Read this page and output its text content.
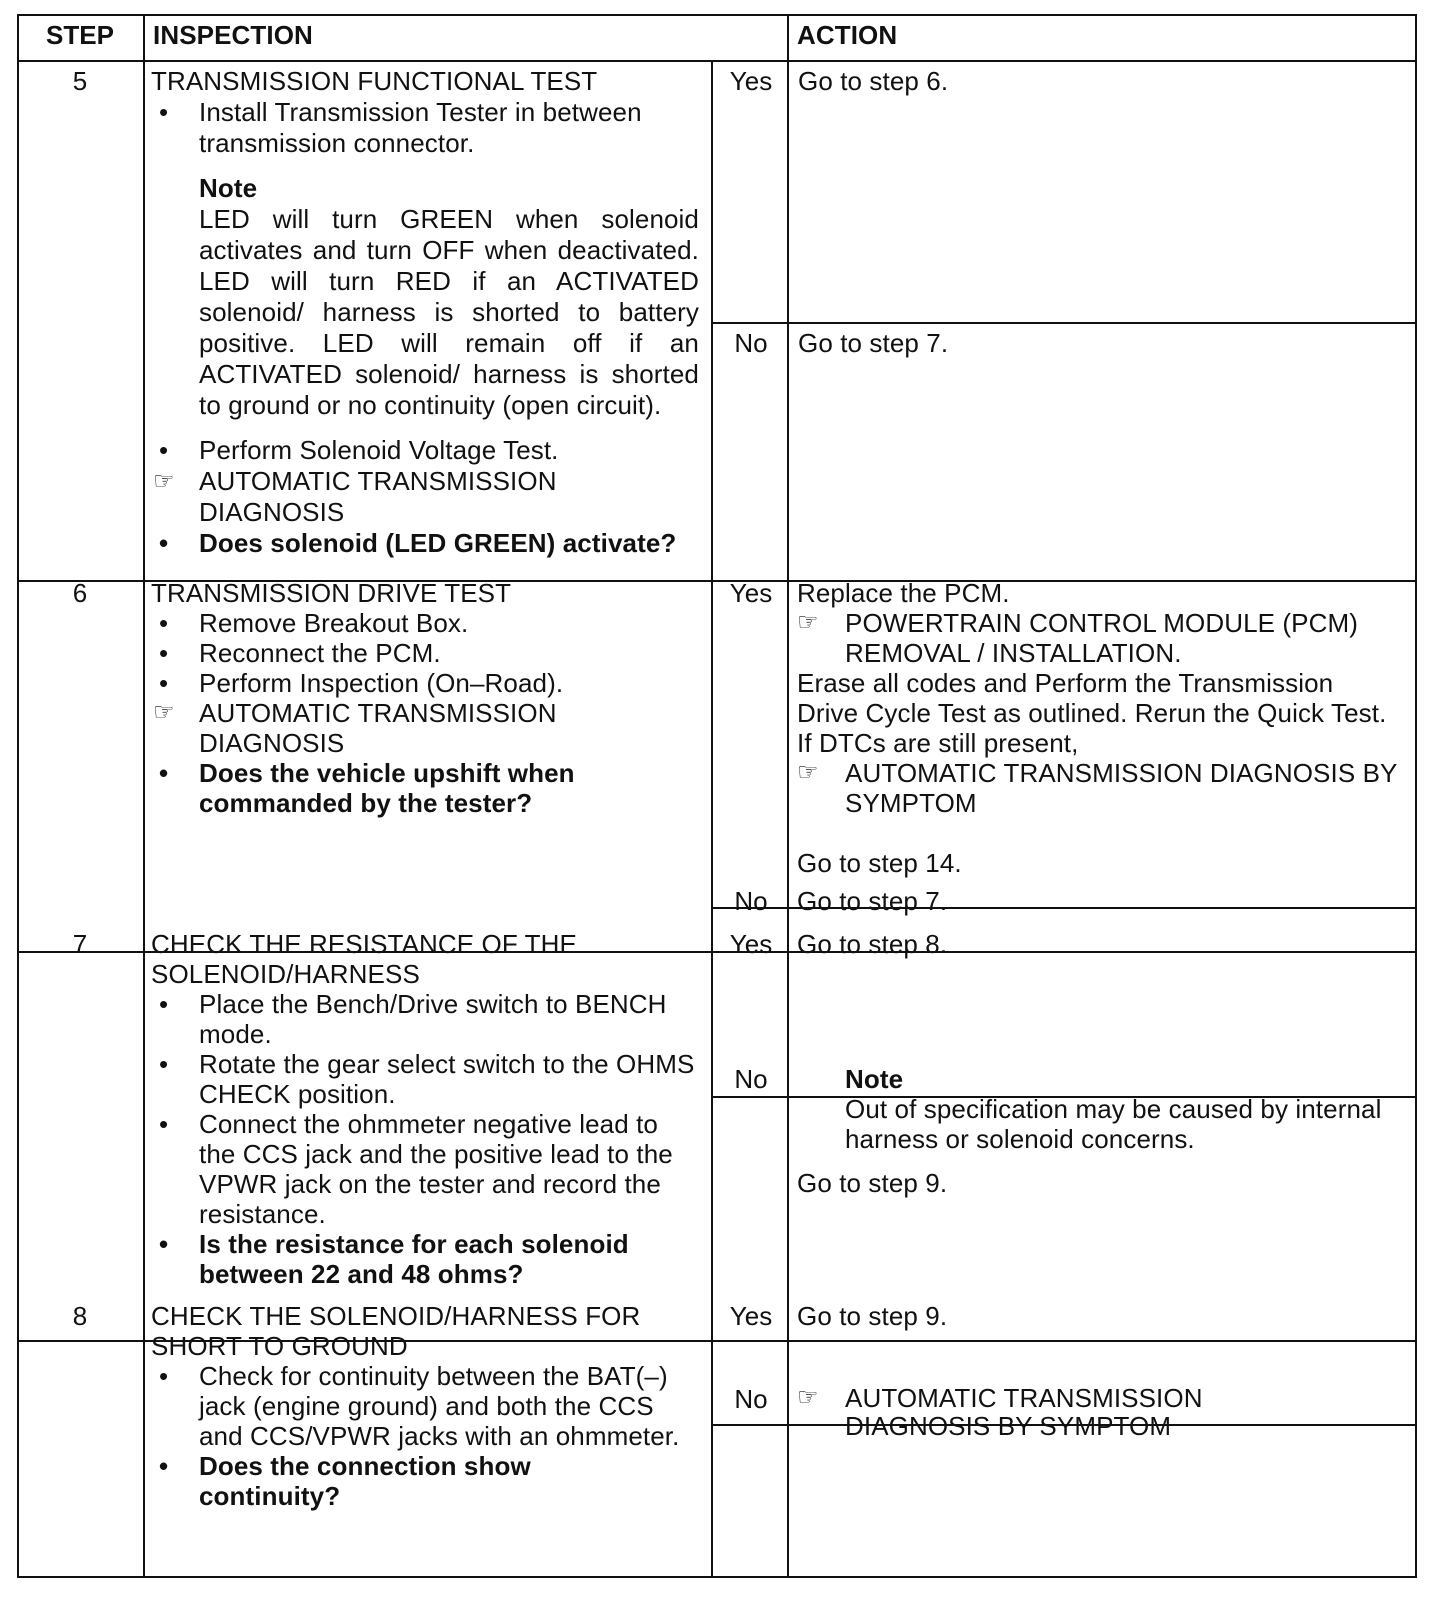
STEP	INSPECTION	ACTION
5	TRANSMISSION FUNCTIONAL TEST
• Install Transmission Tester in between transmission connector.
Note
LED will turn GREEN when solenoid activates and turn OFF when deactivated. LED will turn RED if an ACTIVATED solenoid/ harness is shorted to battery positive. LED will remain off if an ACTIVATED solenoid/ harness is shorted to ground or no continuity (open circuit).
• Perform Solenoid Voltage Test.
☞ AUTOMATIC TRANSMISSION DIAGNOSIS
• Does solenoid (LED GREEN) activate?
Yes Go to step 6.
No	Go to step 7.
6	TRANSMISSION DRIVE TEST
• Remove Breakout Box.
• Reconnect the PCM.
• Perform Inspection (On–Road).
☞ AUTOMATIC TRANSMISSION DIAGNOSIS
• Does the vehicle upshift when commanded by the tester?
Yes Replace the PCM.
☞ POWERTRAIN CONTROL MODULE (PCM) REMOVAL / INSTALLATION.
Erase all codes and Perform the Transmission Drive Cycle Test as outlined. Rerun the Quick Test. If DTCs are still present,
☞ AUTOMATIC TRANSMISSION DIAGNOSIS BY SYMPTOM
Go to step 14.
No	Go to step 7.
7	CHECK THE RESISTANCE OF THE SOLENOID/HARNESS
• Place the Bench/Drive switch to BENCH mode.
• Rotate the gear select switch to the OHMS CHECK position.
• Connect the ohmmeter negative lead to the CCS jack and the positive lead to the VPWR jack on the tester and record the resistance.
• Is the resistance for each solenoid between 22 and 48 ohms?
Yes Go to step 8.
No	Note
Out of specification may be caused by internal harness or solenoid concerns.
Go to step 9.
8	CHECK THE SOLENOID/HARNESS FOR SHORT TO GROUND
• Check for continuity between the BAT(–) jack (engine ground) and both the CCS and CCS/VPWR jacks with an ohmmeter.
• Does the connection show continuity?
Yes Go to step 9.
No	☞ AUTOMATIC TRANSMISSION DIAGNOSIS BY SYMPTOM
